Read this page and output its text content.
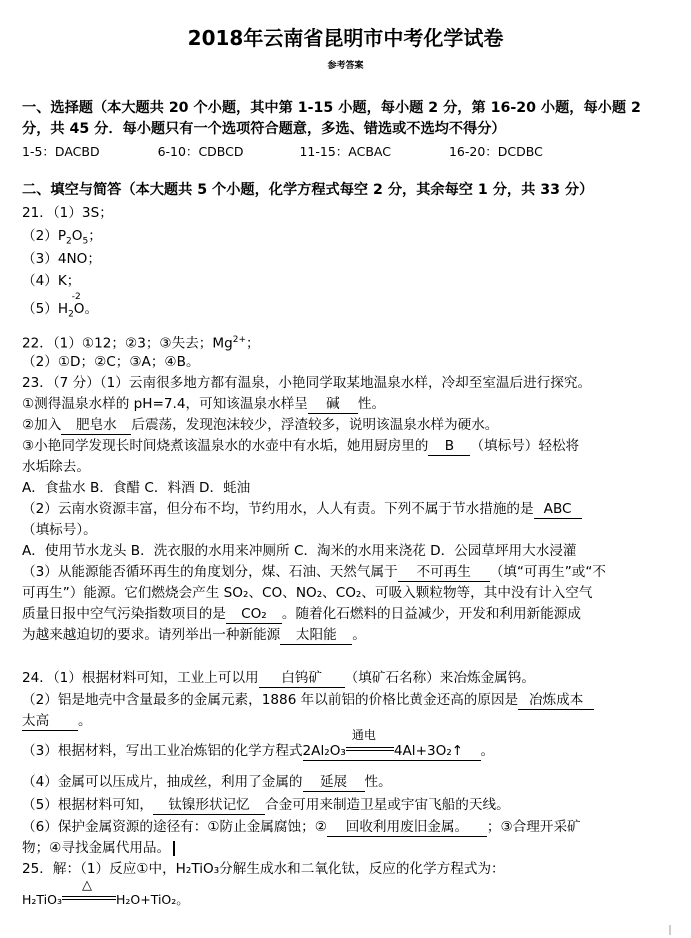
2018年云南省昆明市中考化学试卷
参考答案
一、选择题（本大题共 20 个小题，其中第 1-15 小题，每小题 2 分，第 16-20 小题，每小题 2
分，共 45 分．每小题只有一个选项符合题意，多选、错选或不选均不得分）
1-5：DACBD	6-10：CDBCD	11-15：ACBAC	16-20：DCDBC
二、填空与简答（本大题共 5 个小题，化学方程式每空 2 分，其余每空 1 分，共 33 分）
21．（1）3S；
$(2)P_2O_5$；
（3）4NO；
（4）K；
$(5)H_2O$
-2
。
22．（1）①12；②3；③失去；$Mg^{2+}$；
（2）①D；②C；③A；④B。
23．（7 分）（1）云南很多地方都有温泉，小艳同学取某地温泉水样，冷却至室温后进行探究。
①测得温泉水样的 pH=7.4，可知该温泉水样呈 碱 性。
②加入 肥皂水 后震荡，发现泡沫较少，浮渣较多，说明该温泉水样为硬水。
③小艳同学发现长时间烧煮该温泉水的水壶中有水垢，她用厨房里的 B （填标号）轻松将
水垢除去。
A．食盐水 B．食醋 C．料酒 D．蚝油
（2）云南水资源丰富，但分布不均，节约用水，人人有责。下列不属于节水措施的是 ABC
（填标号）。
A．使用节水龙头 B．洗衣服的水用来冲厕所 C．淘米的水用来浇花 D．公园草坪用大水浸灌
（3）从能源能否循环再生的角度划分，煤、石油、天然气属于 不可再生 （填“可再生”或“不
可再生”）能源。它们燃烧会产生 SO₂、CO、NO₂、CO₂、可吸入颗粒物等，其中没有计入空气
质量日报中空气污染指数项目的是 CO₂ 。随着化石燃料的日益减少，开发和利用新能源成
为越来越迫切的要求。请列举出一种新能源 太阳能 。
24．（1）根据材料可知，工业上可以用 白钨矿 （填矿石名称）来冶炼金属钨。
（2）铝是地壳中含量最多的金属元素，1886 年以前铝的价格比黄金还高的原因是 冶炼成本
太高 。
（3）根据材料，写出工业冶炼铝的化学方程式2Al₂O₃
通电
4Al+3O₂↑ 。
（4）金属可以压成片，抽成丝，利用了金属的 延展 性。
（5）根据材料可知， 钛镍形状记忆 合金可用来制造卫星或宇宙飞船的天线。
（6）保护金属资源的途径有：①防止金属腐蚀；② 回收利用废旧金属。 ；③合理开采矿
物；④寻找金属代用品。
25．解：（1）反应①中，H₂TiO₃分解生成水和二氧化钛，反应的化学方程式为：
H₂TiO₃
△
H₂O+TiO₂。
